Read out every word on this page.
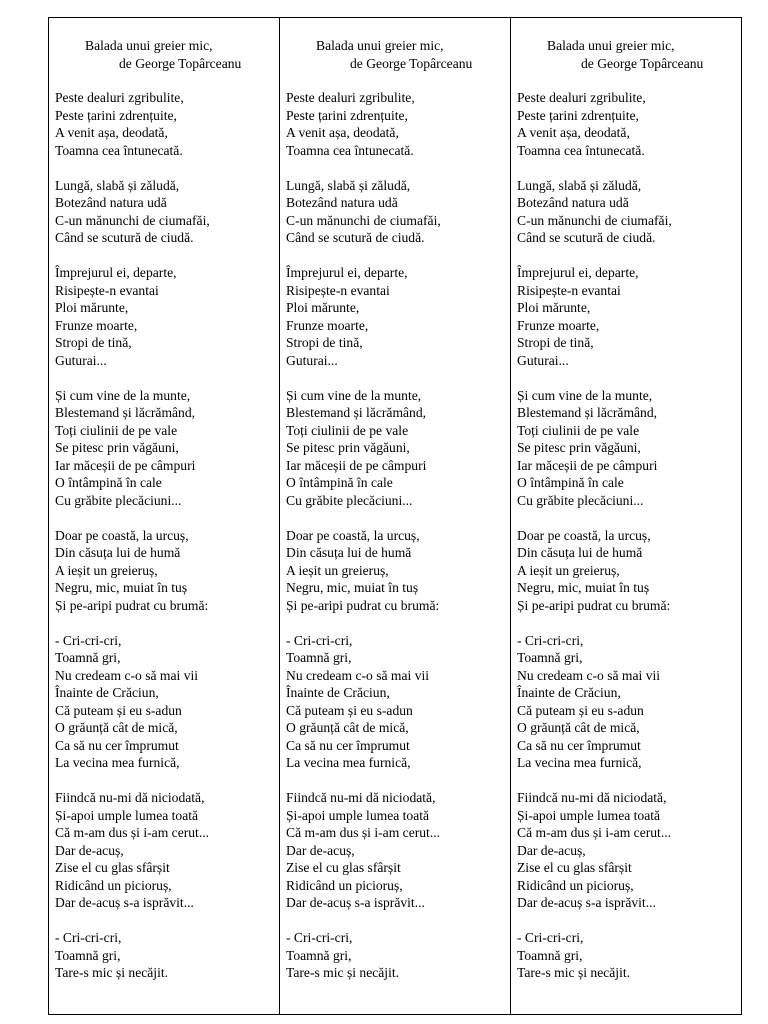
Balada unui greier mic,
de George Topârceanu
Peste dealuri zgribulite,
Peste țarini zdrențuite,
A venit așa, deodată,
Toamna cea întunecată.
Lungă, slabă și zăludă,
Botezând natura udă
C-un mănunchi de ciumafăi,
Când se scutură de ciudă.
Împrejurul ei, departe,
Risipește-n evantai
Ploi mărunte,
Frunze moarte,
Stropi de tină,
Guturai...
Și cum vine de la munte,
Blestemand și lăcrămând,
Toți ciulinii de pe vale
Se pitesc prin văgăuni,
Iar măceșii de pe câmpuri
O întâmpină în cale
Cu grăbite plecăciuni...
Doar pe coastă, la urcuș,
Din căsuța lui de humă
A ieșit un greieruș,
Negru, mic, muiat în tuș
Și pe-aripi pudrat cu brumă:
- Cri-cri-cri,
Toamnă gri,
Nu credeam c-o să mai vii
Înainte de Crăciun,
Că puteam și eu s-adun
O grăunță cât de mică,
Ca să nu cer împrumut
La vecina mea furnică,
Fiindcă nu-mi dă niciodată,
Și-apoi umple lumea toată
Că m-am dus și i-am cerut...
Dar de-acuș,
Zise el cu glas sfârșit
Ridicând un picioruș,
Dar de-acuș s-a isprăvit...
- Cri-cri-cri,
Toamnă gri,
Tare-s mic și necăjit.
Balada unui greier mic,
de George Topârceanu
Peste dealuri zgribulite,
Peste țarini zdrențuite,
A venit așa, deodată,
Toamna cea întunecată.
Lungă, slabă și zăludă,
Botezând natura udă
C-un mănunchi de ciumafăi,
Când se scutură de ciudă.
Împrejurul ei, departe,
Risipește-n evantai
Ploi mărunte,
Frunze moarte,
Stropi de tină,
Guturai...
Și cum vine de la munte,
Blestemand și lăcrămând,
Toți ciulinii de pe vale
Se pitesc prin văgăuni,
Iar măceșii de pe câmpuri
O întâmpină în cale
Cu grăbite plecăciuni...
Doar pe coastă, la urcuș,
Din căsuța lui de humă
A ieșit un greieruș,
Negru, mic, muiat în tuș
Și pe-aripi pudrat cu brumă:
- Cri-cri-cri,
Toamnă gri,
Nu credeam c-o să mai vii
Înainte de Crăciun,
Că puteam și eu s-adun
O grăunță cât de mică,
Ca să nu cer împrumut
La vecina mea furnică,
Fiindcă nu-mi dă niciodată,
Și-apoi umple lumea toată
Că m-am dus și i-am cerut...
Dar de-acuș,
Zise el cu glas sfârșit
Ridicând un picioruș,
Dar de-acuș s-a isprăvit...
- Cri-cri-cri,
Toamnă gri,
Tare-s mic și necăjit.
Balada unui greier mic,
de George Topârceanu
Peste dealuri zgribulite,
Peste țarini zdrențuite,
A venit așa, deodată,
Toamna cea întunecată.
Lungă, slabă și zăludă,
Botezând natura udă
C-un mănunchi de ciumafăi,
Când se scutură de ciudă.
Împrejurul ei, departe,
Risipește-n evantai
Ploi mărunte,
Frunze moarte,
Stropi de tină,
Guturai...
Și cum vine de la munte,
Blestemand și lăcrămând,
Toți ciulinii de pe vale
Se pitesc prin văgăuni,
Iar măceșii de pe câmpuri
O întâmpină în cale
Cu grăbite plecăciuni...
Doar pe coastă, la urcuș,
Din căsuța lui de humă
A ieșit un greieruș,
Negru, mic, muiat în tuș
Și pe-aripi pudrat cu brumă:
- Cri-cri-cri,
Toamnă gri,
Nu credeam c-o să mai vii
Înainte de Crăciun,
Că puteam și eu s-adun
O grăunță cât de mică,
Ca să nu cer împrumut
La vecina mea furnică,
Fiindcă nu-mi dă niciodată,
Și-apoi umple lumea toată
Că m-am dus și i-am cerut...
Dar de-acuș,
Zise el cu glas sfârșit
Ridicând un picioruș,
Dar de-acuș s-a isprăvit...
- Cri-cri-cri,
Toamnă gri,
Tare-s mic și necăjit.
